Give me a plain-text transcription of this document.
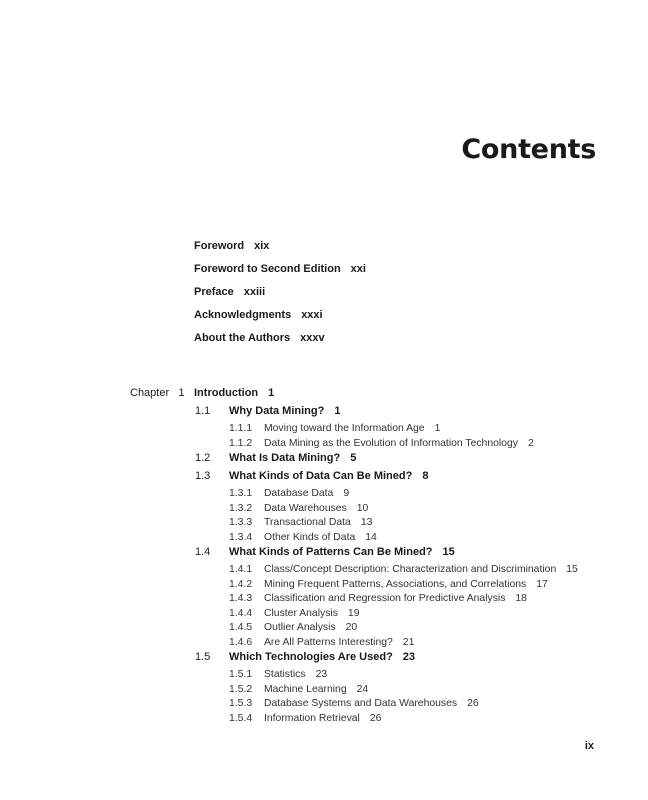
Contents
Foreword xix
Foreword to Second Edition xxi
Preface xxiii
Acknowledgments xxxi
About the Authors xxxv
Chapter 1 Introduction 1
1.1 Why Data Mining? 1
1.1.1 Moving toward the Information Age 1
1.1.2 Data Mining as the Evolution of Information Technology 2
1.2 What Is Data Mining? 5
1.3 What Kinds of Data Can Be Mined? 8
1.3.1 Database Data 9
1.3.2 Data Warehouses 10
1.3.3 Transactional Data 13
1.3.4 Other Kinds of Data 14
1.4 What Kinds of Patterns Can Be Mined? 15
1.4.1 Class/Concept Description: Characterization and Discrimination 15
1.4.2 Mining Frequent Patterns, Associations, and Correlations 17
1.4.3 Classification and Regression for Predictive Analysis 18
1.4.4 Cluster Analysis 19
1.4.5 Outlier Analysis 20
1.4.6 Are All Patterns Interesting? 21
1.5 Which Technologies Are Used? 23
1.5.1 Statistics 23
1.5.2 Machine Learning 24
1.5.3 Database Systems and Data Warehouses 26
1.5.4 Information Retrieval 26
ix
